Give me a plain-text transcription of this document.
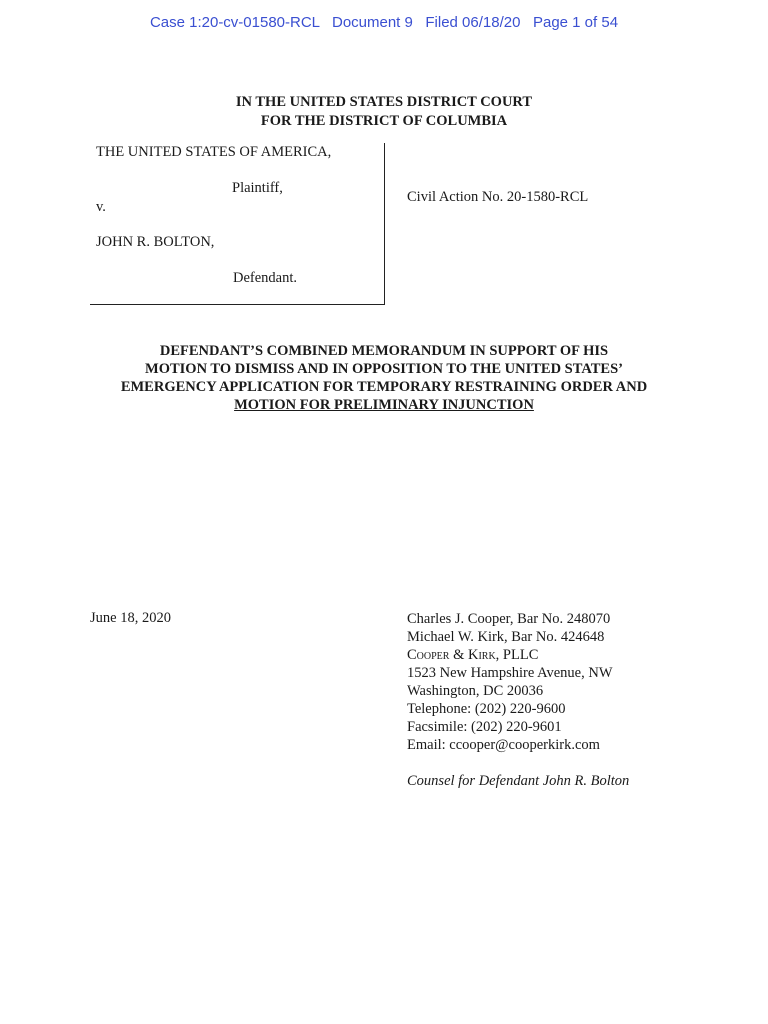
Case 1:20-cv-01580-RCL Document 9 Filed 06/18/20 Page 1 of 54
IN THE UNITED STATES DISTRICT COURT
FOR THE DISTRICT OF COLUMBIA
THE UNITED STATES OF AMERICA,
Plaintiff,
v.
JOHN R. BOLTON,
Defendant.
Civil Action No. 20-1580-RCL
DEFENDANT’S COMBINED MEMORANDUM IN SUPPORT OF HIS
MOTION TO DISMISS AND IN OPPOSITION TO THE UNITED STATES’
EMERGENCY APPLICATION FOR TEMPORARY RESTRAINING ORDER AND
MOTION FOR PRELIMINARY INJUNCTION
June 18, 2020	Charles J. Cooper, Bar No. 248070
Michael W. Kirk, Bar No. 424648
Cooper & Kirk, PLLC
1523 New Hampshire Avenue, NW
Washington, DC 20036
Telephone: (202) 220-9600
Facsimile: (202) 220-9601
Email: ccooper@cooperkirk.com
Counsel for Defendant John R. Bolton
